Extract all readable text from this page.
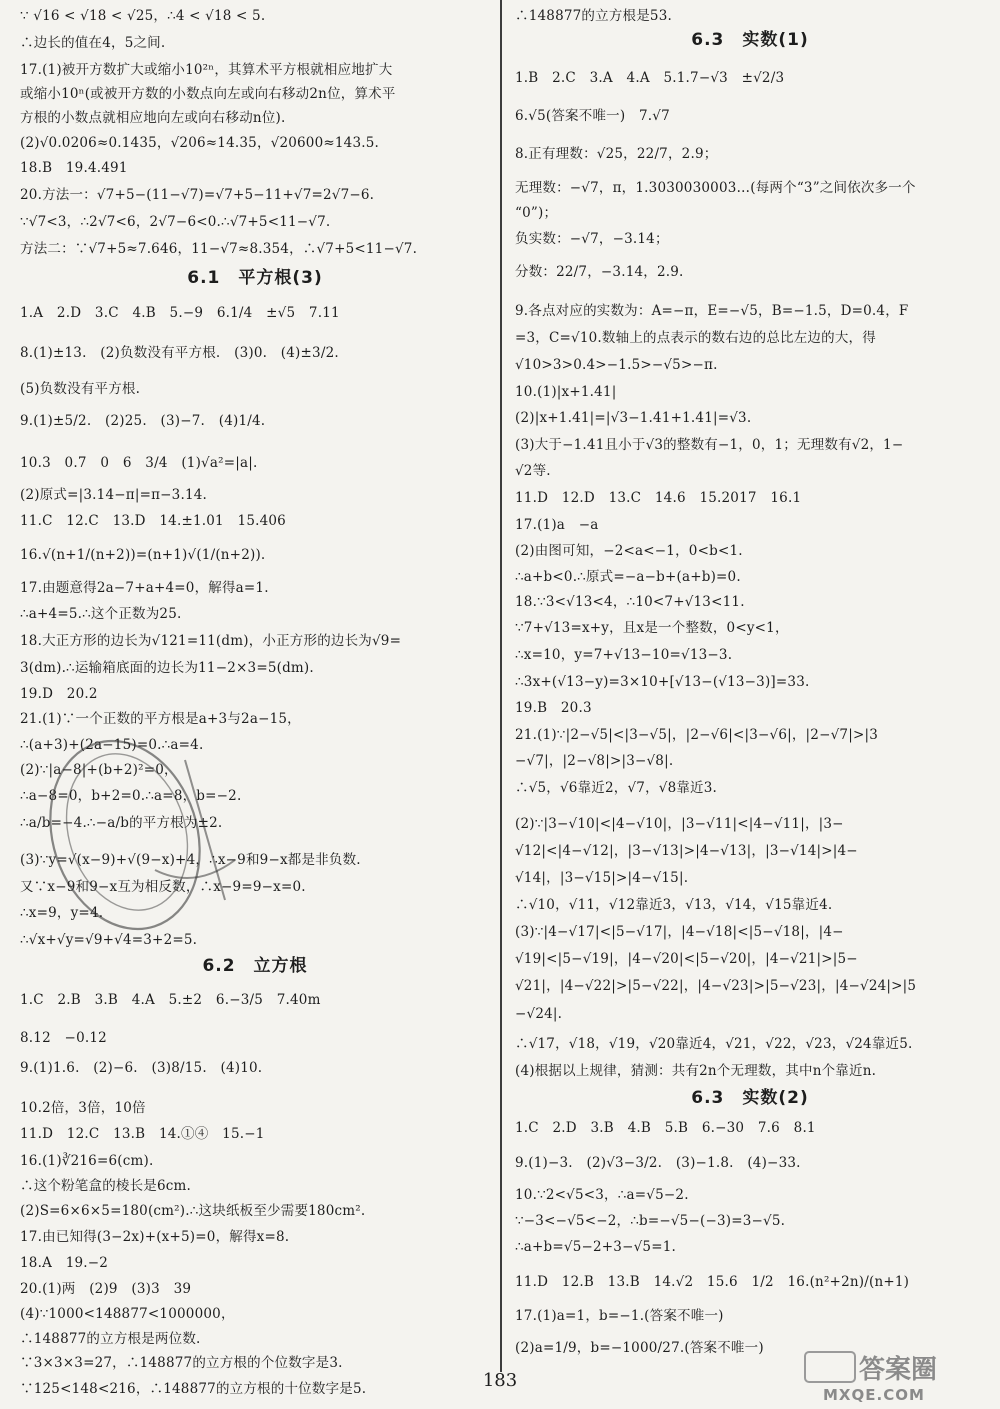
∵ √16 < √18 < √25，∴4 < √18 < 5.
∴边长的值在4，5之间.
17.(1)被开方数扩大或缩小10²ⁿ，其算术平方根就相应地扩大
或缩小10ⁿ(或被开方数的小数点向左或向右移动2n位，算术平
方根的小数点就相应地向左或向右移动n位).
(2)√0.0206≈0.1435，√206≈14.35，√20600≈143.5.
18.B　19.4.491
20.方法一：√7+5−(11−√7)=√7+5−11+√7=2√7−6.
∵√7<3，∴2√7<6，2√7−6<0.∴√7+5<11−√7.
方法二：∵√7+5≈7.646，11−√7≈8.354，∴√7+5<11−√7.
6.1　平方根(3)
1.A　2.D　3.C　4.B　5.−9　6.1/4　±√5　7.11
8.(1)±13.　(2)负数没有平方根.　(3)0.　(4)±3/2.
(5)负数没有平方根.
9.(1)±5/2.　(2)25.　(3)−7.　(4)1/4.
10.3　0.7　0　6　3/4　(1)√a²=|a|.
(2)原式=|3.14−π|=π−3.14.
11.C　12.C　13.D　14.±1.01　15.406
16.√(n+1/(n+2))=(n+1)√(1/(n+2)).
17.由题意得2a−7+a+4=0，解得a=1.
∴a+4=5.∴这个正数为25.
18.大正方形的边长为√121=11(dm)，小正方形的边长为√9=
3(dm).∴运输箱底面的边长为11−2×3=5(dm).
19.D　20.2
21.(1)∵一个正数的平方根是a+3与2a−15，
∴(a+3)+(2a−15)=0.∴a=4.
(2)∵|a−8|+(b+2)²=0，
∴a−8=0，b+2=0.∴a=8，b=−2.
∴a/b=−4.∴−a/b的平方根为±2.
(3)∵y=√(x−9)+√(9−x)+4，∴x−9和9−x都是非负数.
又∵x−9和9−x互为相反数，∴x−9=9−x=0.
∴x=9，y=4.
∴√x+√y=√9+√4=3+2=5.
6.2　立方根
1.C　2.B　3.B　4.A　5.±2　6.−3/5　7.40m
8.12　−0.12
9.(1)1.6.　(2)−6.　(3)8/15.　(4)10.
10.2倍，3倍，10倍
11.D　12.C　13.B　14.①④　15.−1
16.(1)∛216=6(cm).
∴这个粉笔盒的棱长是6cm.
(2)S=6×6×5=180(cm²).∴这块纸板至少需要180cm².
17.由已知得(3−2x)+(x+5)=0，解得x=8.
18.A　19.−2
20.(1)两　(2)9　(3)3　39
(4)∵1000<148877<1000000，
∴148877的立方根是两位数.
∵3×3×3=27，∴148877的立方根的个位数字是3.
∵125<148<216，∴148877的立方根的十位数字是5.
∴148877的立方根是53.
6.3　实数(1)
1.B　2.C　3.A　4.A　5.1.7−√3　±√2/3
6.√5(答案不唯一)　7.√7
8.正有理数：√25，22/7，2.9；
无理数：−√7，π，1.3030030003…(每两个“3”之间依次多一个
“0”)；
负实数：−√7，−3.14；
分数：22/7，−3.14，2.9.
9.各点对应的实数为：A=−π，E=−√5，B=−1.5，D=0.4，F
=3，C=√10.数轴上的点表示的数右边的总比左边的大，得
√10>3>0.4>−1.5>−√5>−π.
10.(1)|x+1.41|
(2)|x+1.41|=|√3−1.41+1.41|=√3.
(3)大于−1.41且小于√3的整数有−1，0，1；无理数有√2，1−
√2等.
11.D　12.D　13.C　14.6　15.2017　16.1
17.(1)a　−a
(2)由图可知，−2<a<−1，0<b<1.
∴a+b<0.∴原式=−a−b+(a+b)=0.
18.∵3<√13<4，∴10<7+√13<11.
∵7+√13=x+y，且x是一个整数，0<y<1，
∴x=10，y=7+√13−10=√13−3.
∴3x+(√13−y)=3×10+[√13−(√13−3)]=33.
19.B　20.3
21.(1)∵|2−√5|<|3−√5|，|2−√6|<|3−√6|，|2−√7|>|3
−√7|，|2−√8|>|3−√8|.
∴√5，√6靠近2，√7，√8靠近3.
(2)∵|3−√10|<|4−√10|，|3−√11|<|4−√11|，|3−
√12|<|4−√12|，|3−√13|>|4−√13|，|3−√14|>|4−
√14|，|3−√15|>|4−√15|.
∴√10，√11，√12靠近3，√13，√14，√15靠近4.
(3)∵|4−√17|<|5−√17|，|4−√18|<|5−√18|，|4−
√19|<|5−√19|，|4−√20|<|5−√20|，|4−√21|>|5−
√21|，|4−√22|>|5−√22|，|4−√23|>|5−√23|，|4−√24|>|5
−√24|.
∴√17，√18，√19，√20靠近4，√21，√22，√23，√24靠近5.
(4)根据以上规律，猜测：共有2n个无理数，其中n个靠近n.
6.3　实数(2)
1.C　2.D　3.B　4.B　5.B　6.−30　7.6　8.1
9.(1)−3.　(2)√3−3/2.　(3)−1.8.　(4)−33.
10.∵2<√5<3，∴a=√5−2.
∵−3<−√5<−2，∴b=−√5−(−3)=3−√5.
∴a+b=√5−2+3−√5=1.
11.D　12.B　13.B　14.√2　15.6　1/2　16.(n²+2n)/(n+1)
17.(1)a=1，b=−1.(答案不唯一)
(2)a=1/9，b=−1000/27.(答案不唯一)
答案圈
MXQE.COM
183
